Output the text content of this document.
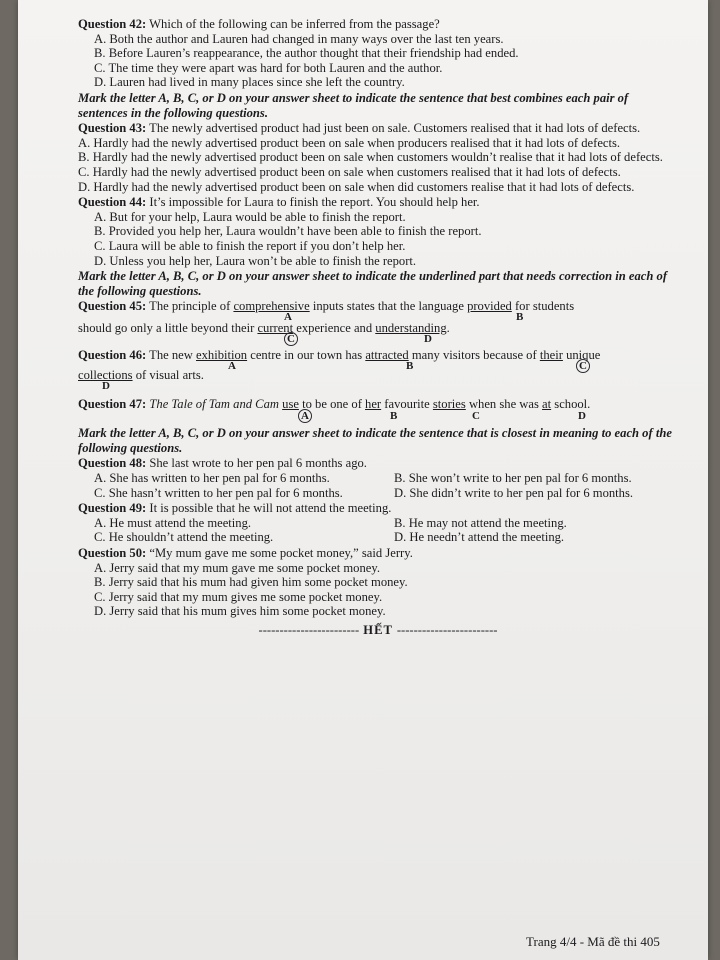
Question 42: Which of the following can be inferred from the passage?
A. Both the author and Lauren had changed in many ways over the last ten years.
B. Before Lauren’s reappearance, the author thought that their friendship had ended.
C. The time they were apart was hard for both Lauren and the author.
D. Lauren had lived in many places since she left the country.
Mark the letter A, B, C, or D on your answer sheet to indicate the sentence that best combines each pair of sentences in the following questions.
Question 43: The newly advertised product had just been on sale. Customers realised that it had lots of defects.
A. Hardly had the newly advertised product been on sale when producers realised that it had lots of defects.
B. Hardly had the newly advertised product been on sale when customers wouldn’t realise that it had lots of defects.
C. Hardly had the newly advertised product been on sale when customers realised that it had lots of defects.
D. Hardly had the newly advertised product been on sale when did customers realise that it had lots of defects.
Question 44: It’s impossible for Laura to finish the report. You should help her.
A. But for your help, Laura would be able to finish the report.
B. Provided you help her, Laura wouldn’t have been able to finish the report.
C. Laura will be able to finish the report if you don’t help her.
D. Unless you help her, Laura won’t be able to finish the report.
Mark the letter A, B, C, or D on your answer sheet to indicate the underlined part that needs correction in each of the following questions.
Question 45: The principle of comprehensive inputs states that the language provided for students
A	B
should go only a little beyond their current experience and understanding.
C	D
Question 46: The new exhibition centre in our town has attracted many visitors because of their unique
A	B	C
collections of visual arts.
D
Question 47: The Tale of Tam and Cam use to be one of her favourite stories when she was at school.
A	B	C	D
Mark the letter A, B, C, or D on your answer sheet to indicate the sentence that is closest in meaning to each of the following questions.
Question 48: She last wrote to her pen pal 6 months ago.
A. She has written to her pen pal for 6 months.	B. She won’t write to her pen pal for 6 months.
C. She hasn’t written to her pen pal for 6 months.	D. She didn’t write to her pen pal for 6 months.
Question 49: It is possible that he will not attend the meeting.
A. He must attend the meeting.	B. He may not attend the meeting.
C. He shouldn’t attend the meeting.	D. He needn’t attend the meeting.
Question 50: “My mum gave me some pocket money,” said Jerry.
A. Jerry said that my mum gave me some pocket money.
B. Jerry said that his mum had given him some pocket money.
C. Jerry said that my mum gives me some pocket money.
D. Jerry said that his mum gives him some pocket money.
------------------------ HẾT ------------------------
Trang 4/4 - Mã đề thi 405
